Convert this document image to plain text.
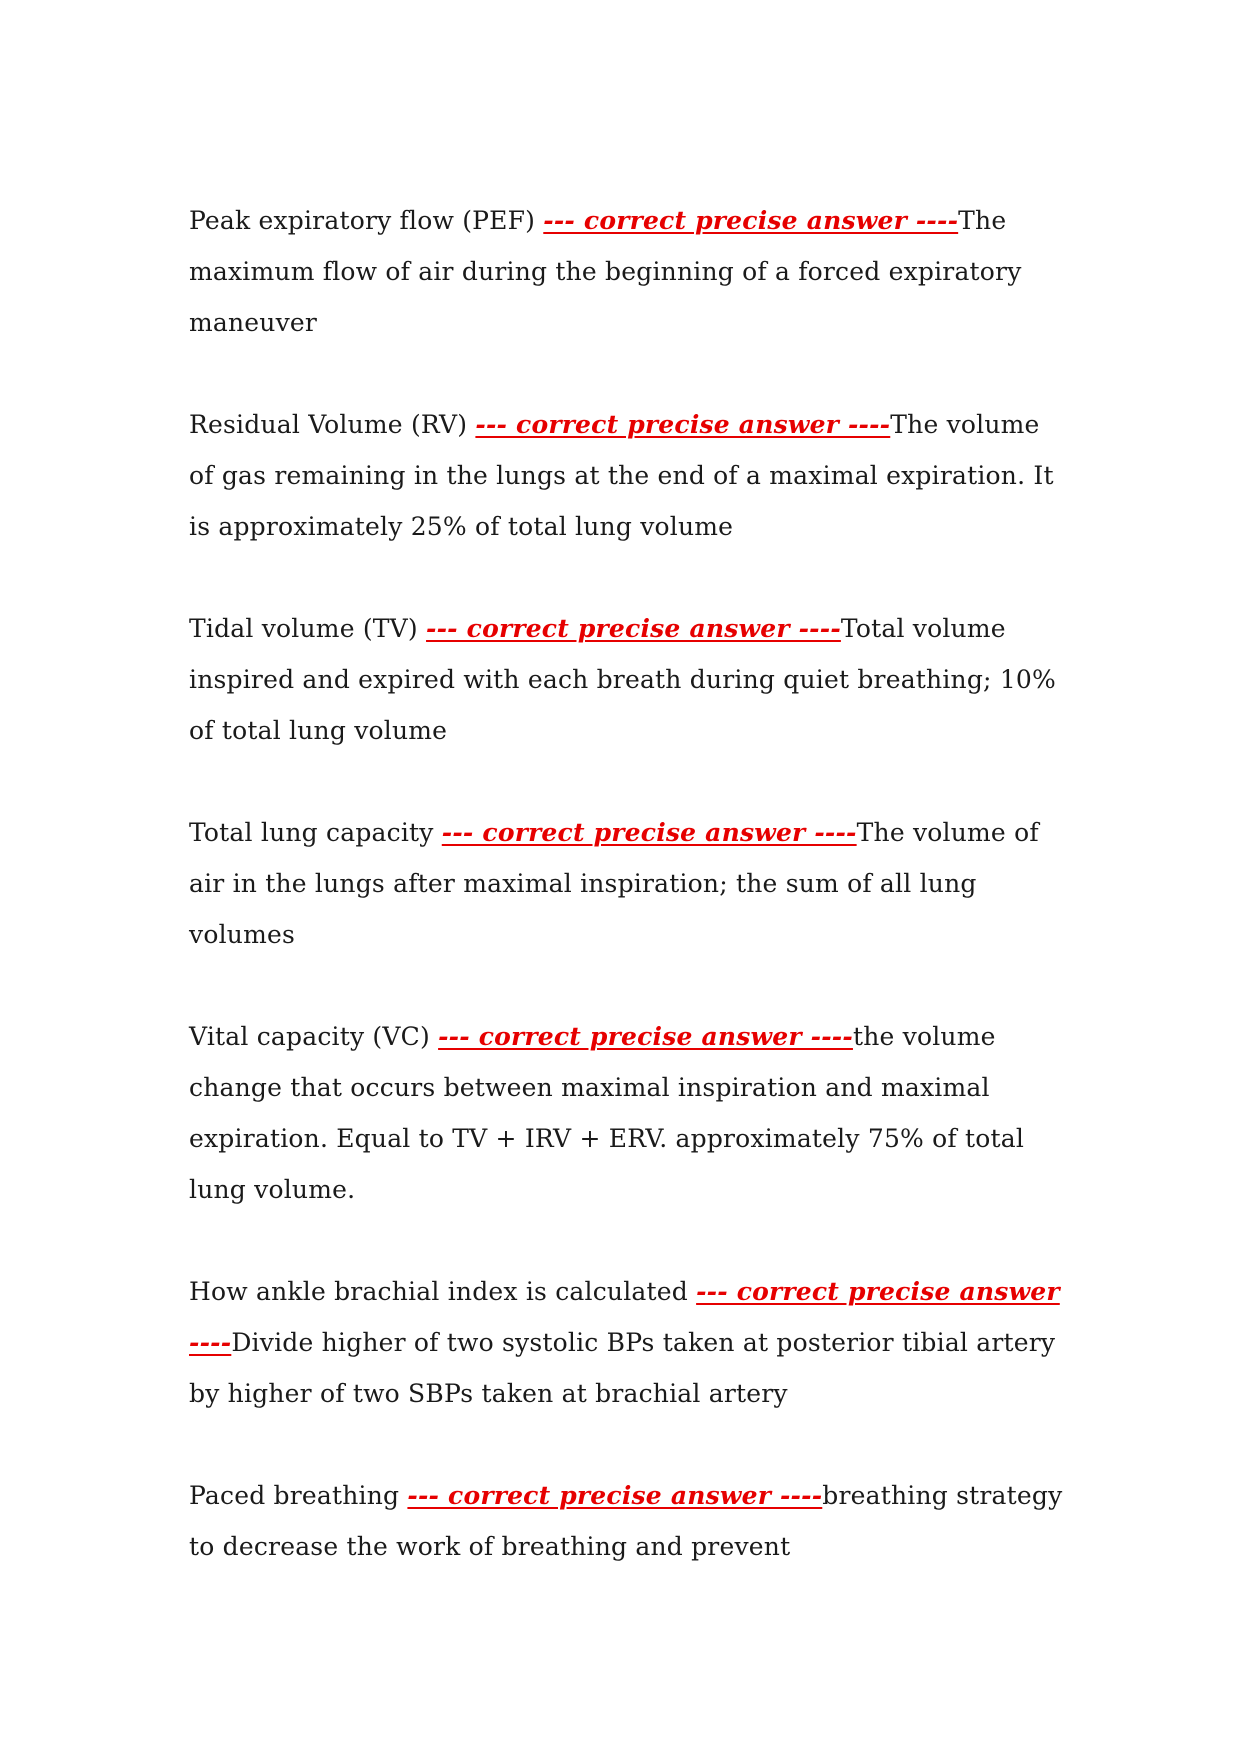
Peak expiratory flow (PEF) --- correct precise answer ----The maximum flow of air during the beginning of a forced expiratory maneuver

Residual Volume (RV) --- correct precise answer ----The volume of gas remaining in the lungs at the end of a maximal expiration. It is approximately 25% of total lung volume

Tidal volume (TV) --- correct precise answer ----Total volume inspired and expired with each breath during quiet breathing; 10% of total lung volume

Total lung capacity --- correct precise answer ----The volume of air in the lungs after maximal inspiration; the sum of all lung volumes

Vital capacity (VC) --- correct precise answer ----the volume change that occurs between maximal inspiration and maximal expiration. Equal to TV + IRV + ERV. approximately 75% of total lung volume.

How ankle brachial index is calculated --- correct precise answer ----Divide higher of two systolic BPs taken at posterior tibial artery by higher of two SBPs taken at brachial artery

Paced breathing --- correct precise answer ----breathing strategy to decrease the work of breathing and prevent
